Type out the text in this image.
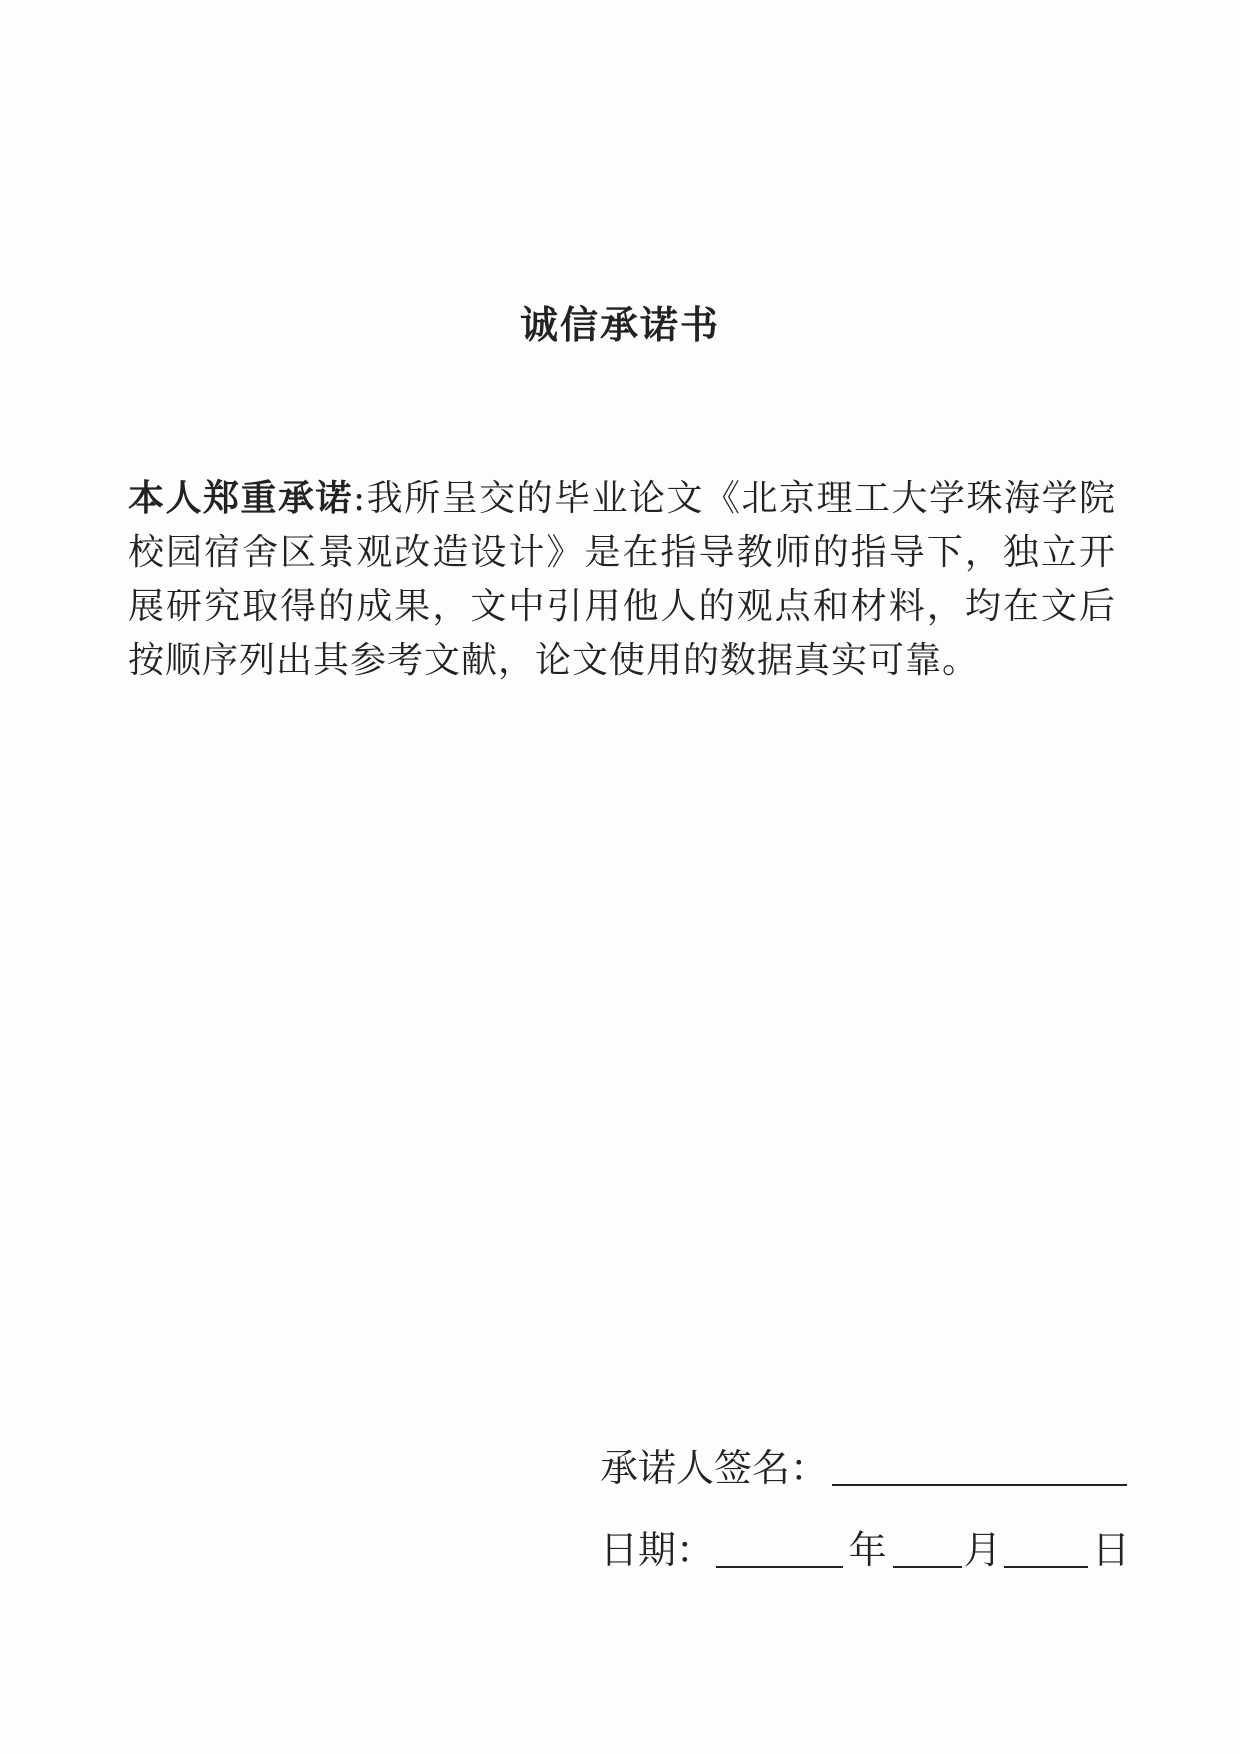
诚信承诺书
本人郑重承诺:我所呈交的毕业论文《北京理工大学珠海学院校园宿舍区景观改造设计》是在指导教师的指导下，独立开展研究取得的成果，文中引用他人的观点和材料，均在文后按顺序列出其参考文献，论文使用的数据真实可靠。
承诺人签名：
日期：	年 月 日
